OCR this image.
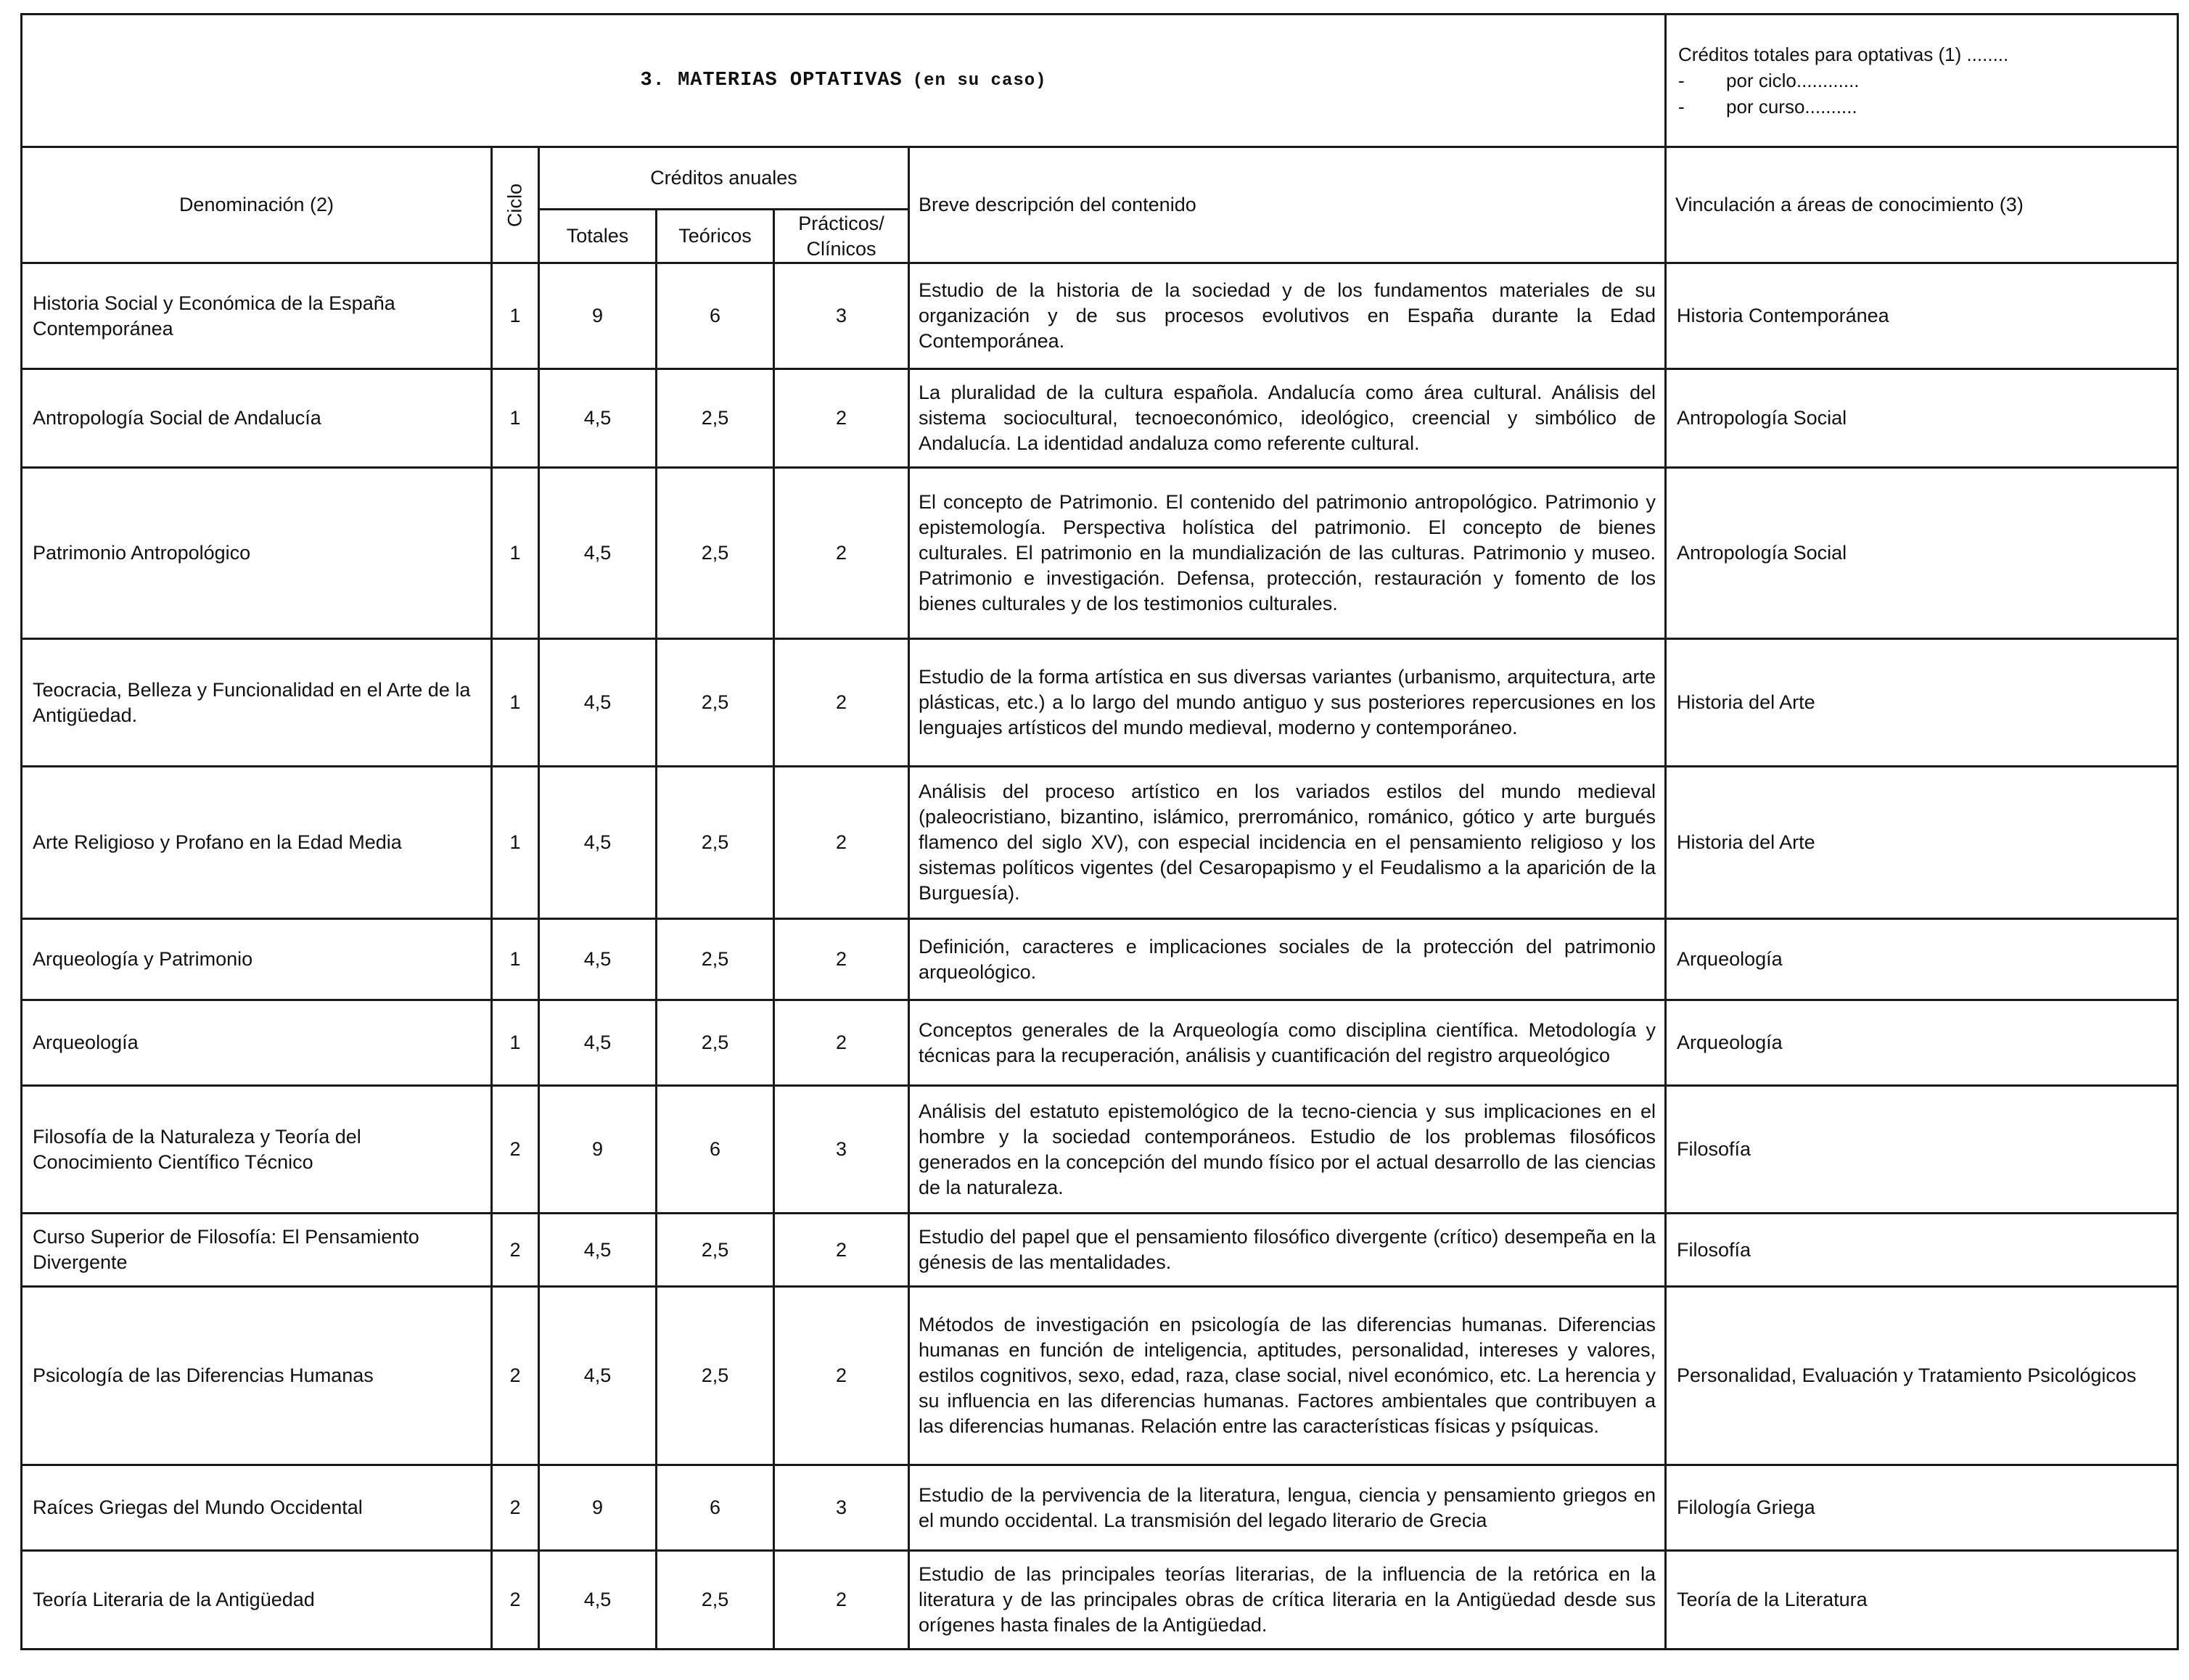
3. MATERIAS OPTATIVAS (en su caso)						Créditos totales para optativas (1) ........
- por ciclo............
- por curso..........

Denominación (2)	Ciclo	Créditos anuales			Breve descripción del contenido	Vinculación a áreas de conocimiento (3)
		Totales	Teóricos	Prácticos/ Clínicos		
Historia Social y Económica de la España Contemporánea	1	9	6	3	Estudio de la historia de la sociedad y de los fundamentos materiales de su organización y de sus procesos evolutivos en España durante la Edad Contemporánea.	Historia Contemporánea
Antropología Social de Andalucía	1	4,5	2,5	2	La pluralidad de la cultura española. Andalucía como área cultural. Análisis del sistema sociocultural, tecnoeconómico, ideológico, creencial y simbólico de Andalucía. La identidad andaluza como referente cultural.	Antropología Social
Patrimonio Antropológico	1	4,5	2,5	2	El concepto de Patrimonio. El contenido del patrimonio antropológico. Patrimonio y epistemología. Perspectiva holística del patrimonio. El concepto de bienes culturales. El patrimonio en la mundialización de las culturas. Patrimonio y museo. Patrimonio e investigación. Defensa, protección, restauración y fomento de los bienes culturales y de los testimonios culturales.	Antropología Social
Teocracia, Belleza y Funcionalidad en el Arte de la Antigüedad.	1	4,5	2,5	2	Estudio de la forma artística en sus diversas variantes (urbanismo, arquitectura, arte plásticas, etc.) a lo largo del mundo antiguo y sus posteriores repercusiones en los lenguajes artísticos del mundo medieval, moderno y contemporáneo.	Historia del Arte
Arte Religioso y Profano en la Edad Media	1	4,5	2,5	2	Análisis del proceso artístico en los variados estilos del mundo medieval (paleocristiano, bizantino, islámico, prerrománico, románico, gótico y arte burgués flamenco del siglo XV), con especial incidencia en el pensamiento religioso y los sistemas políticos vigentes (del Cesaropapismo y el Feudalismo a la aparición de la Burguesía).	Historia del Arte
Arqueología y Patrimonio	1	4,5	2,5	2	Definición, caracteres e implicaciones sociales de la protección del patrimonio arqueológico.	Arqueología
Arqueología	1	4,5	2,5	2	Conceptos generales de la Arqueología como disciplina científica. Metodología y técnicas para la recuperación, análisis y cuantificación del registro arqueológico	Arqueología
Filosofía de la Naturaleza y Teoría del Conocimiento Científico Técnico	2	9	6	3	Análisis del estatuto epistemológico de la tecno-ciencia y sus implicaciones en el hombre y la sociedad contemporáneos. Estudio de los problemas filosóficos generados en la concepción del mundo físico por el actual desarrollo de las ciencias de la naturaleza.	Filosofía
Curso Superior de Filosofía: El Pensamiento Divergente	2	4,5	2,5	2	Estudio del papel que el pensamiento filosófico divergente (crítico) desempeña en la génesis de las mentalidades.	Filosofía
Psicología de las Diferencias Humanas	2	4,5	2,5	2	Métodos de investigación en psicología de las diferencias humanas. Diferencias humanas en función de inteligencia, aptitudes, personalidad, intereses y valores, estilos cognitivos, sexo, edad, raza, clase social, nivel económico, etc. La herencia y su influencia en las diferencias humanas. Factores ambientales que contribuyen a las diferencias humanas. Relación entre las características físicas y psíquicas.	Personalidad, Evaluación y Tratamiento Psicológicos
Raíces Griegas del Mundo Occidental	2	9	6	3	Estudio de la pervivencia de la literatura, lengua, ciencia y pensamiento griegos en el mundo occidental. La transmisión del legado literario de Grecia	Filología Griega
Teoría Literaria de la Antigüedad	2	4,5	2,5	2	Estudio de las principales teorías literarias, de la influencia de la retórica en la literatura y de las principales obras de crítica literaria en la Antigüedad desde sus orígenes hasta finales de la Antigüedad.	Teoría de la Literatura
